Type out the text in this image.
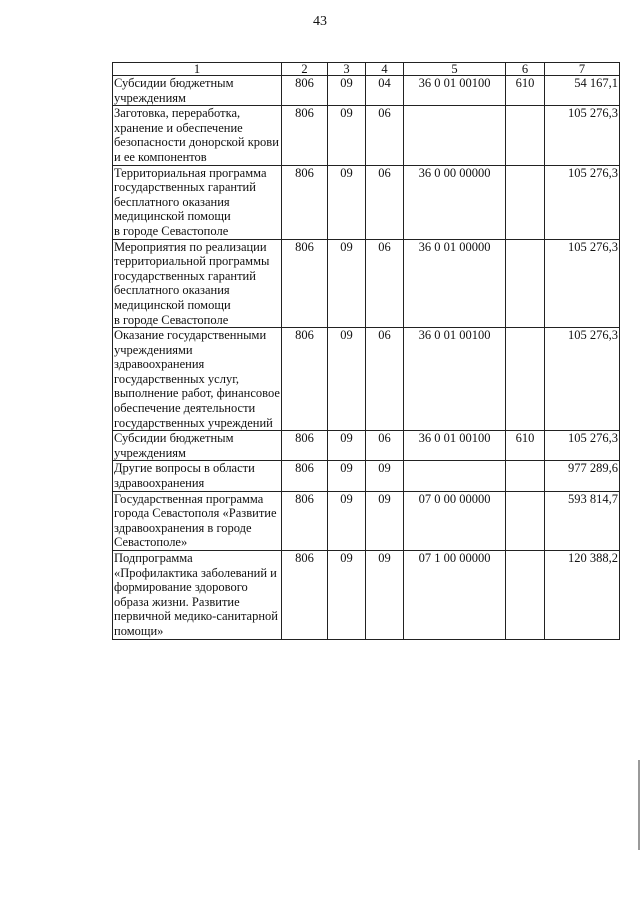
43
1	2	3	4	5	6	7
Субсидии бюджетным учреждениям	806	09	04	36 0 01 00100	610	54 167,1
Заготовка, переработка, хранение и обеспечение безопасности донорской крови и ее компонентов	806	09	06			105 276,3
Территориальная программа государственных гарантий бесплатного оказания медицинской помощи
в городе Севастополе	806	09	06	36 0 00 00000		105 276,3
Мероприятия по реализации территориальной программы государственных гарантий бесплатного оказания медицинской помощи
в городе Севастополе	806	09	06	36 0 01 00000		105 276,3
Оказание государственными учреждениями здравоохранения государственных услуг, выполнение работ, финансовое обеспечение деятельности государственных учреждений	806	09	06	36 0 01 00100		105 276,3
Субсидии бюджетным учреждениям	806	09	06	36 0 01 00100	610	105 276,3
Другие вопросы в области здравоохранения	806	09	09			977 289,6
Государственная программа города Севастополя «Развитие здравоохранения в городе Севастополе»	806	09	09	07 0 00 00000		593 814,7
Подпрограмма
«Профилактика заболеваний и формирование здорового образа жизни. Развитие первичной медико-санитарной помощи»	806	09	09	07 1 00 00000		120 388,2
